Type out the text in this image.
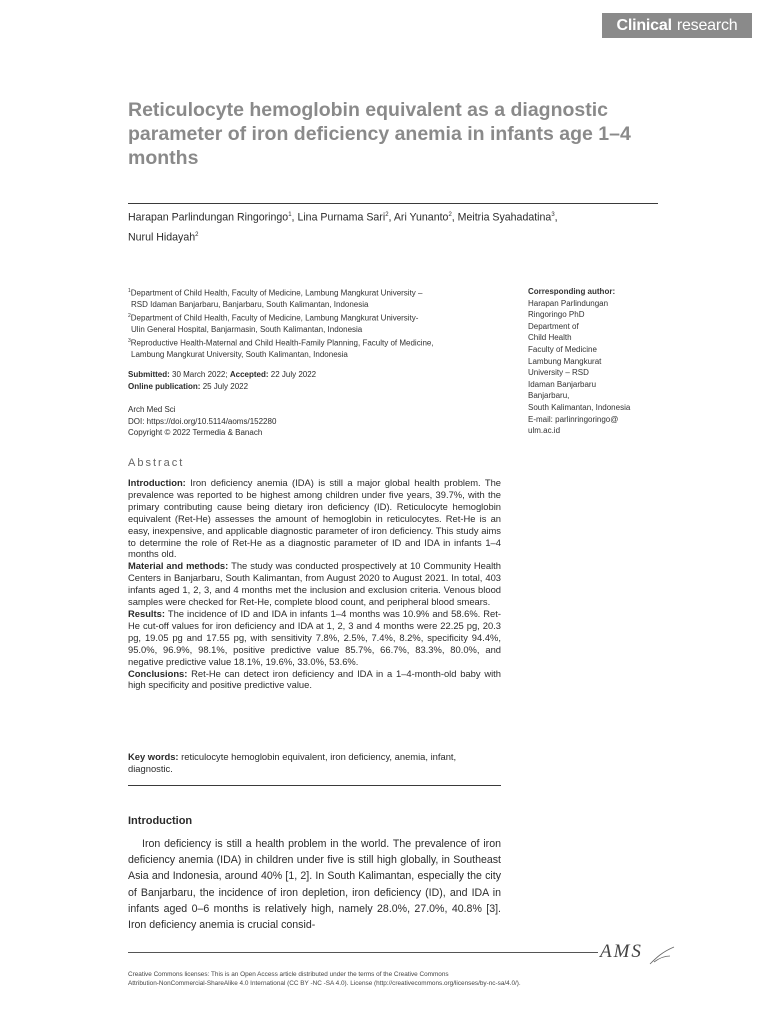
Clinical research
Reticulocyte hemoglobin equivalent as a diagnostic parameter of iron deficiency anemia in infants age 1–4 months
Harapan Parlindungan Ringoringo$^1$, Lina Purnama Sari$^2$, Ari Yunanto$^2$, Meitria Syahadatina$^3$,
Nurul Hidayah$^2$
$^1$Department of Child Health, Faculty of Medicine, Lambung Mangkurat University –
RSD Idaman Banjarbaru, Banjarbaru, South Kalimantan, Indonesia
$^2$Department of Child Health, Faculty of Medicine, Lambung Mangkurat University-
Ulin General Hospital, Banjarmasin, South Kalimantan, Indonesia
$^3$Reproductive Health-Maternal and Child Health-Family Planning, Faculty of Medicine,
Lambung Mangkurat University, South Kalimantan, Indonesia
Submitted: 30 March 2022; Accepted: 22 July 2022
Online publication: 25 July 2022
Arch Med Sci
DOI: https://doi.org/10.5114/aoms/152280
Copyright © 2022 Termedia & Banach
Corresponding author:
Harapan Parlindungan
Ringoringo PhD
Department of
Child Health
Faculty of Medicine
Lambung Mangkurat
University – RSD
Idaman Banjarbaru
Banjarbaru,
South Kalimantan, Indonesia
E-mail: parlinringoringo@
ulm.ac.id
Abstract

Introduction: Iron deficiency anemia (IDA) is still a major global health problem. The prevalence was reported to be highest among children under five years, 39.7%, with the primary contributing cause being dietary iron deficiency (ID). Reticulocyte hemoglobin equivalent (Ret-He) assesses the amount of hemoglobin in reticulocytes. Ret-He is an easy, inexpensive, and applicable diagnostic parameter of iron deficiency. This study aims to determine the role of Ret-He as a diagnostic parameter of ID and IDA in infants 1–4 months old.

Material and methods: The study was conducted prospectively at 10 Community Health Centers in Banjarbaru, South Kalimantan, from August 2020 to August 2021. In total, 403 infants aged 1, 2, 3, and 4 months met the inclusion and exclusion criteria. Venous blood samples were checked for Ret-He, complete blood count, and peripheral blood smears.

Results: The incidence of ID and IDA in infants 1–4 months was 10.9% and 58.6%. Ret-He cut-off values for iron deficiency and IDA at 1, 2, 3 and 4 months were 22.25 pg, 20.3 pg, 19.05 pg and 17.55 pg, with sensitivity 7.8%, 2.5%, 7.4%, 8.2%, specificity 94.4%, 95.0%, 96.9%, 98.1%, positive predictive value 85.7%, 66.7%, 83.3%, 80.0%, and negative predictive value 18.1%, 19.6%, 33.0%, 53.6%.

Conclusions: Ret-He can detect iron deficiency and IDA in a 1–4-month-old baby with high specificity and positive predictive value.

Key words: reticulocyte hemoglobin equivalent, iron deficiency, anemia, infant, diagnostic.
Introduction
Iron deficiency is still a health problem in the world. The prevalence of iron deficiency anemia (IDA) in children under five is still high globally, in Southeast Asia and Indonesia, around 40% [1, 2]. In South Kalimantan, especially the city of Banjarbaru, the incidence of iron depletion, iron deficiency (ID), and IDA in infants aged 0–6 months is relatively high, namely 28.0%, 27.0%, 40.8% [3]. Iron deficiency anemia is crucial consid-
AMS
Creative Commons licenses: This is an Open Access article distributed under the terms of the Creative Commons
Attribution-NonCommercial-ShareAlike 4.0 International (CC BY -NC -SA 4.0). License (http://creativecommons.org/licenses/by-nc-sa/4.0/).
